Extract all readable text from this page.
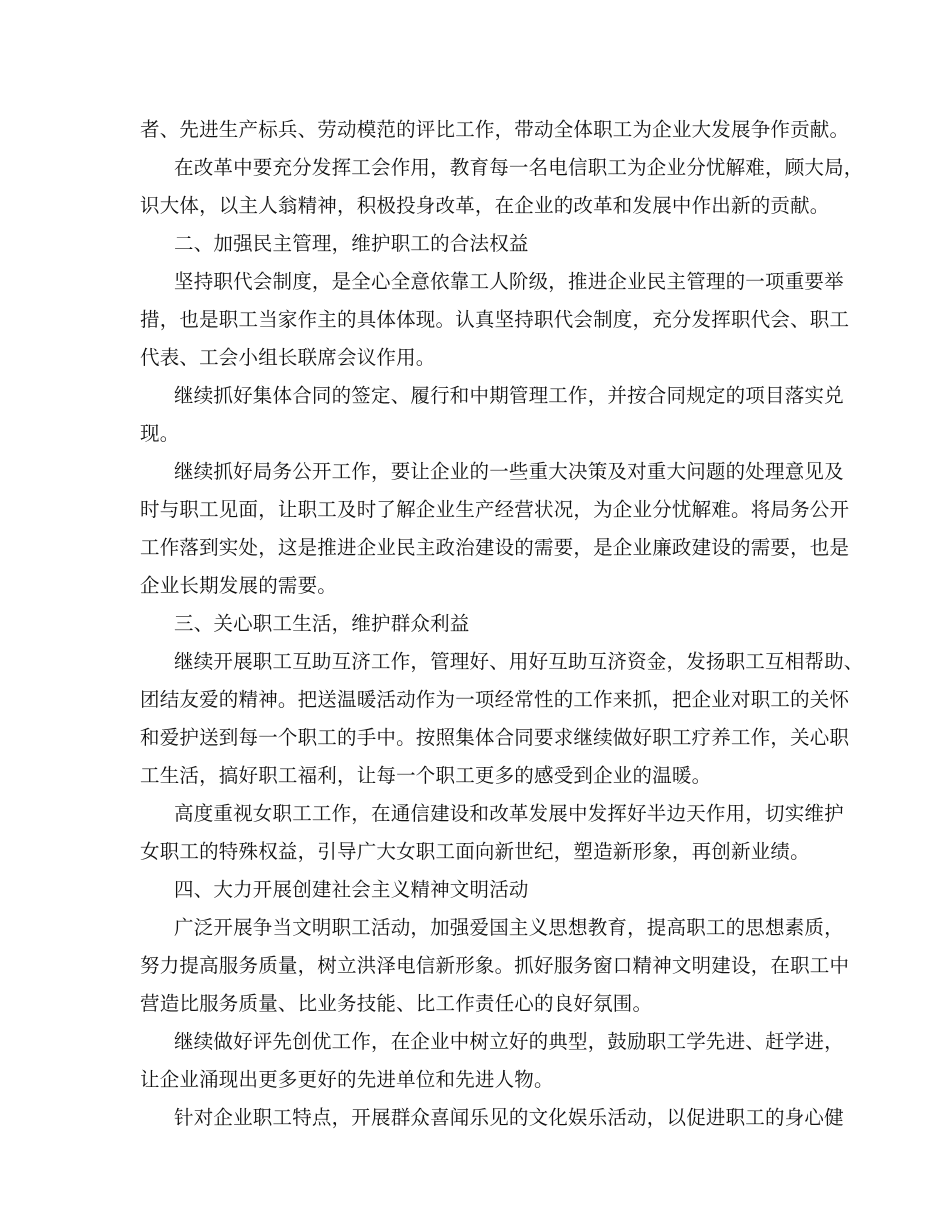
者、先进生产标兵、劳动模范的评比工作，带动全体职工为企业大发展争作贡献。
在改革中要充分发挥工会作用，教育每一名电信职工为企业分忧解难，顾大局，
识大体，以主人翁精神，积极投身改革，在企业的改革和发展中作出新的贡献。
二、加强民主管理，维护职工的合法权益
坚持职代会制度，是全心全意依靠工人阶级，推进企业民主管理的一项重要举
措，也是职工当家作主的具体体现。认真坚持职代会制度，充分发挥职代会、职工
代表、工会小组长联席会议作用。
继续抓好集体合同的签定、履行和中期管理工作，并按合同规定的项目落实兑
现。
继续抓好局务公开工作，要让企业的一些重大决策及对重大问题的处理意见及
时与职工见面，让职工及时了解企业生产经营状况，为企业分忧解难。将局务公开
工作落到实处，这是推进企业民主政治建设的需要，是企业廉政建设的需要，也是
企业长期发展的需要。
三、关心职工生活，维护群众利益
继续开展职工互助互济工作，管理好、用好互助互济资金，发扬职工互相帮助、
团结友爱的精神。把送温暖活动作为一项经常性的工作来抓，把企业对职工的关怀
和爱护送到每一个职工的手中。按照集体合同要求继续做好职工疗养工作，关心职
工生活，搞好职工福利，让每一个职工更多的感受到企业的温暖。
高度重视女职工工作，在通信建设和改革发展中发挥好半边天作用，切实维护
女职工的特殊权益，引导广大女职工面向新世纪，塑造新形象，再创新业绩。
四、大力开展创建社会主义精神文明活动
广泛开展争当文明职工活动，加强爱国主义思想教育，提高职工的思想素质，
努力提高服务质量，树立洪泽电信新形象。抓好服务窗口精神文明建设，在职工中
营造比服务质量、比业务技能、比工作责任心的良好氛围。
继续做好评先创优工作，在企业中树立好的典型，鼓励职工学先进、赶学进，
让企业涌现出更多更好的先进单位和先进人物。
针对企业职工特点，开展群众喜闻乐见的文化娱乐活动，以促进职工的身心健
